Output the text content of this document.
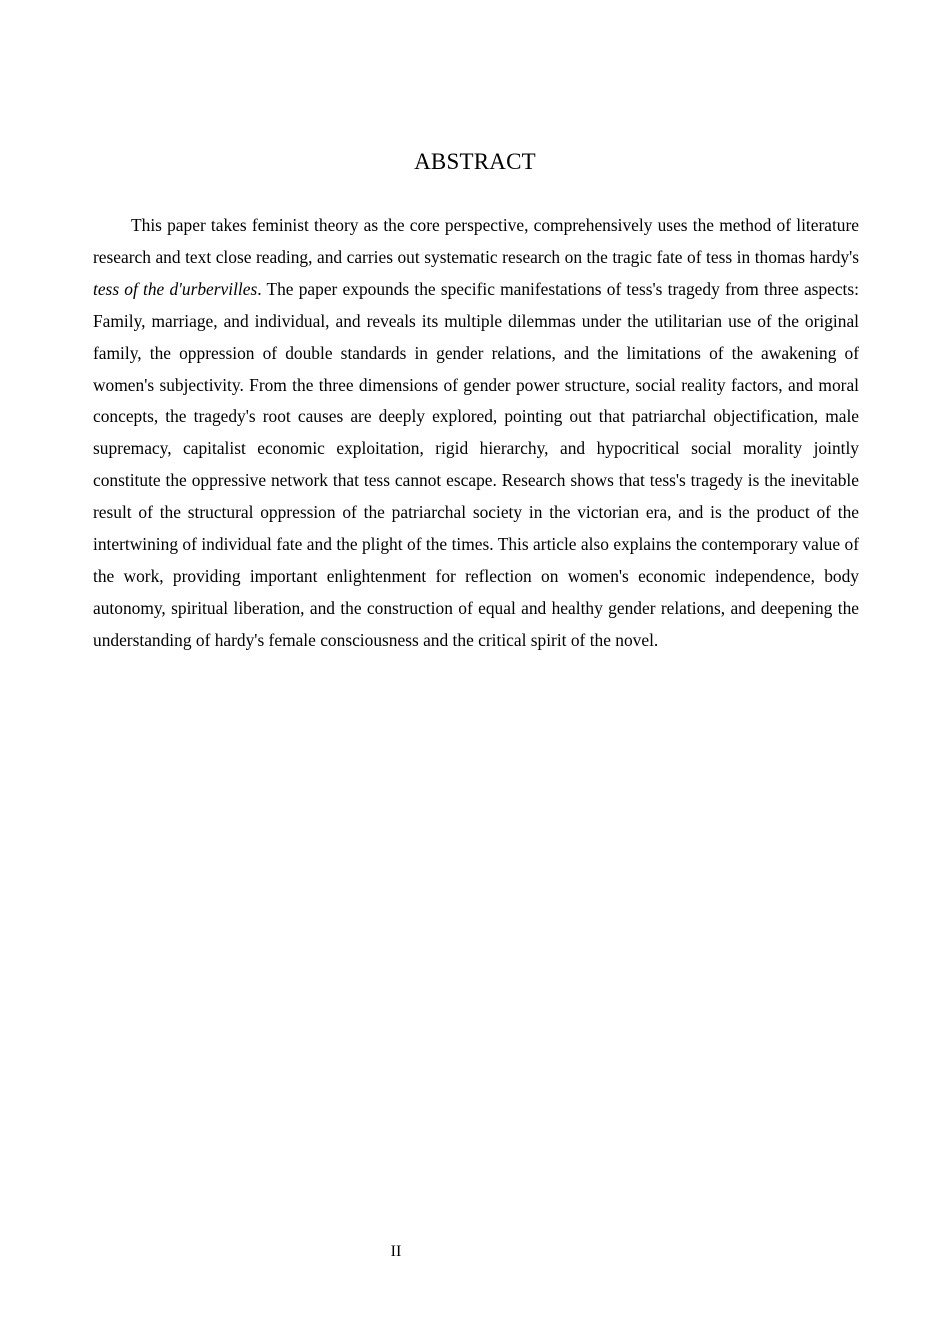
ABSTRACT

This paper takes feminist theory as the core perspective, comprehensively uses the method of literature research and text close reading, and carries out systematic research on the tragic fate of tess in thomas hardy's tess of the d'urbervilles. The paper expounds the specific manifestations of tess's tragedy from three aspects: Family, marriage, and individual, and reveals its multiple dilemmas under the utilitarian use of the original family, the oppression of double standards in gender relations, and the limitations of the awakening of women's subjectivity. From the three dimensions of gender power structure, social reality factors, and moral concepts, the tragedy's root causes are deeply explored, pointing out that patriarchal objectification, male supremacy, capitalist economic exploitation, rigid hierarchy, and hypocritical social morality jointly constitute the oppressive network that tess cannot escape. Research shows that tess's tragedy is the inevitable result of the structural oppression of the patriarchal society in the victorian era, and is the product of the intertwining of individual fate and the plight of the times. This article also explains the contemporary value of the work, providing important enlightenment for reflection on women's economic independence, body autonomy, spiritual liberation, and the construction of equal and healthy gender relations, and deepening the understanding of hardy's female consciousness and the critical spirit of the novel.

II
